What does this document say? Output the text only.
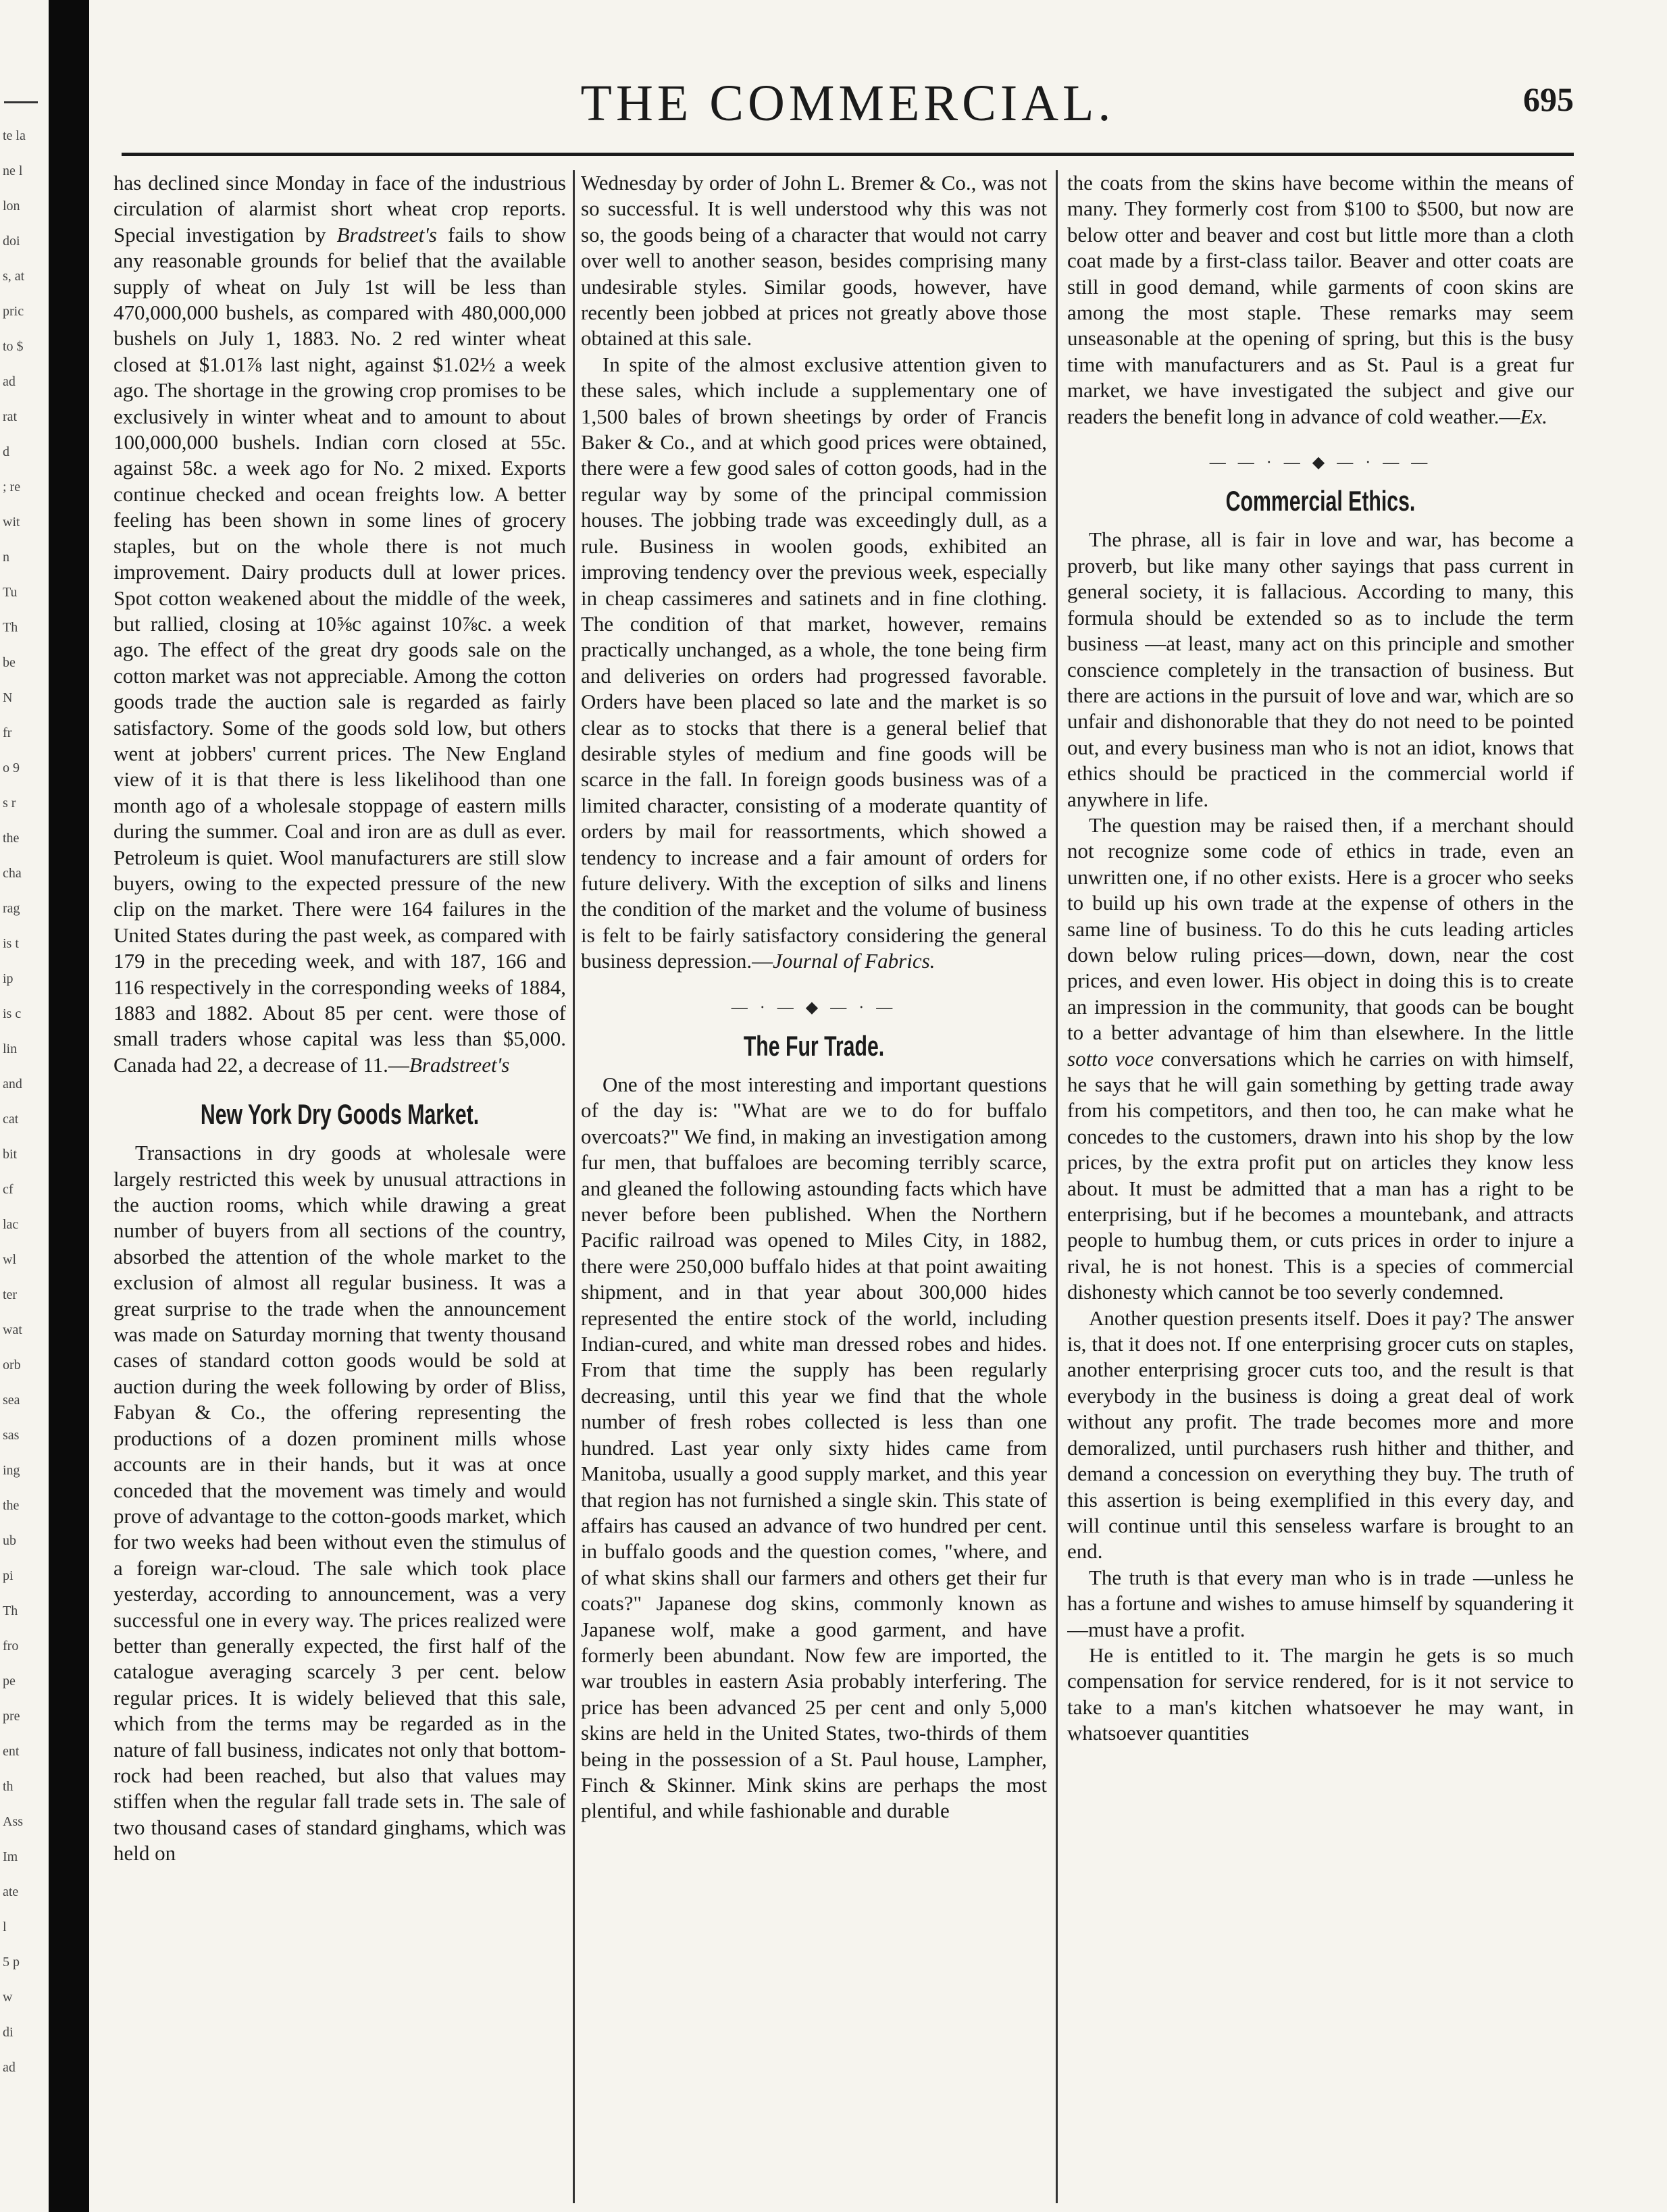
te la
ne l
lon
doi
s, at
pric
to $
ad
rat
d
; re
wit
n
Tu
Th
be
N
fr
o 9
s r
the
cha
rag
is t
ip
is c
lin
and
cat
bit
cf
lac
wl
ter
wat
orb
sea
sas
ing
the
ub
pi
Th
fro
pe
pre
ent
th
Ass
Im
ate
l
5 p
w
di
ad
THE COMMERCIAL.	695

has declined since Monday in face of the industrious circulation of alarmist short wheat crop reports. Special investigation by Bradstreet's fails to show any reasonable grounds for belief that the available supply of wheat on July 1st will be less than 470,000,000 bushels, as compared with 480,000,000 bushels on July 1, 1883. No. 2 red winter wheat closed at $1.01⅞ last night, against $1.02½ a week ago. The shortage in the growing crop promises to be exclusively in winter wheat and to amount to about 100,000,000 bushels. Indian corn closed at 55c. against 58c. a week ago for No. 2 mixed. Exports continue checked and ocean freights low. A better feeling has been shown in some lines of grocery staples, but on the whole there is not much improvement. Dairy products dull at lower prices. Spot cotton weakened about the middle of the week, but rallied, closing at 10⅝c against 10⅞c. a week ago. The effect of the great dry goods sale on the cotton market was not appreciable. Among the cotton goods trade the auction sale is regarded as fairly satisfactory. Some of the goods sold low, but others went at jobbers' current prices. The New England view of it is that there is less likelihood than one month ago of a wholesale stoppage of eastern mills during the summer. Coal and iron are as dull as ever. Petroleum is quiet. Wool manufacturers are still slow buyers, owing to the expected pressure of the new clip on the market. There were 164 failures in the United States during the past week, as compared with 179 in the preceding week, and with 187, 166 and 116 respectively in the corresponding weeks of 1884, 1883 and 1882. About 85 per cent. were those of small traders whose capital was less than $5,000. Canada had 22, a decrease of 11.—Bradstreet's

New York Dry Goods Market.

Transactions in dry goods at wholesale were largely restricted this week by unusual attractions in the auction rooms, which while drawing a great number of buyers from all sections of the country, absorbed the attention of the whole market to the exclusion of almost all regular business. It was a great surprise to the trade when the announcement was made on Saturday morning that twenty thousand cases of standard cotton goods would be sold at auction during the week following by order of Bliss, Fabyan & Co., the offering representing the productions of a dozen prominent mills whose accounts are in their hands, but it was at once conceded that the movement was timely and would prove of advantage to the cotton-goods market, which for two weeks had been without even the stimulus of a foreign war-cloud. The sale which took place yesterday, according to announcement, was a very successful one in every way. The prices realized were better than generally expected, the first half of the catalogue averaging scarcely 3 per cent. below regular prices. It is widely believed that this sale, which from the terms may be regarded as in the nature of fall business, indicates not only that bottom-rock had been reached, but also that values may stiffen when the regular fall trade sets in. The sale of two thousand cases of standard ginghams, which was held on

Wednesday by order of John L. Bremer & Co., was not so successful. It is well understood why this was not so, the goods being of a character that would not carry over well to another season, besides comprising many undesirable styles. Similar goods, however, have recently been jobbed at prices not greatly above those obtained at this sale.

In spite of the almost exclusive attention given to these sales, which include a supplementary one of 1,500 bales of brown sheetings by order of Francis Baker & Co., and at which good prices were obtained, there were a few good sales of cotton goods, had in the regular way by some of the principal commission houses. The jobbing trade was exceedingly dull, as a rule. Business in woolen goods, exhibited an improving tendency over the previous week, especially in cheap cassimeres and satinets and in fine clothing. The condition of that market, however, remains practically unchanged, as a whole, the tone being firm and deliveries on orders had progressed favorable. Orders have been placed so late and the market is so clear as to stocks that there is a general belief that desirable styles of medium and fine goods will be scarce in the fall. In foreign goods business was of a limited character, consisting of a moderate quantity of orders by mail for reassortments, which showed a tendency to increase and a fair amount of orders for future delivery. With the exception of silks and linens the condition of the market and the volume of business is felt to be fairly satisfactory considering the general business depression.—Journal of Fabrics.

— · — ◆ — · —
The Fur Trade.

One of the most interesting and important questions of the day is: "What are we to do for buffalo overcoats?" We find, in making an investigation among fur men, that buffaloes are becoming terribly scarce, and gleaned the following astounding facts which have never before been published. When the Northern Pacific railroad was opened to Miles City, in 1882, there were 250,000 buffalo hides at that point awaiting shipment, and in that year about 300,000 hides represented the entire stock of the world, including Indian-cured, and white man dressed robes and hides. From that time the supply has been regularly decreasing, until this year we find that the whole number of fresh robes collected is less than one hundred. Last year only sixty hides came from Manitoba, usually a good supply market, and this year that region has not furnished a single skin. This state of affairs has caused an advance of two hundred per cent. in buffalo goods and the question comes, "where, and of what skins shall our farmers and others get their fur coats?" Japanese dog skins, commonly known as Japanese wolf, make a good garment, and have formerly been abundant. Now few are imported, the war troubles in eastern Asia probably interfering. The price has been advanced 25 per cent and only 5,000 skins are held in the United States, two-thirds of them being in the possession of a St. Paul house, Lampher, Finch & Skinner. Mink skins are perhaps the most plentiful, and while fashionable and durable

the coats from the skins have become within the means of many. They formerly cost from $100 to $500, but now are below otter and beaver and cost but little more than a cloth coat made by a first-class tailor. Beaver and otter coats are still in good demand, while garments of coon skins are among the most staple. These remarks may seem unseasonable at the opening of spring, but this is the busy time with manufacturers and as St. Paul is a great fur market, we have investigated the subject and give our readers the benefit long in advance of cold weather.—Ex.

— — · — ◆ — · — —
Commercial Ethics.

The phrase, all is fair in love and war, has become a proverb, but like many other sayings that pass current in general society, it is fallacious. According to many, this formula should be extended so as to include the term business —at least, many act on this principle and smother conscience completely in the transaction of business. But there are actions in the pursuit of love and war, which are so unfair and dishonorable that they do not need to be pointed out, and every business man who is not an idiot, knows that ethics should be practiced in the commercial world if anywhere in life.

The question may be raised then, if a merchant should not recognize some code of ethics in trade, even an unwritten one, if no other exists. Here is a grocer who seeks to build up his own trade at the expense of others in the same line of business. To do this he cuts leading articles down below ruling prices—down, down, near the cost prices, and even lower. His object in doing this is to create an impression in the community, that goods can be bought to a better advantage of him than elsewhere. In the little sotto voce conversations which he carries on with himself, he says that he will gain something by getting trade away from his competitors, and then too, he can make what he concedes to the customers, drawn into his shop by the low prices, by the extra profit put on articles they know less about. It must be admitted that a man has a right to be enterprising, but if he becomes a mountebank, and attracts people to humbug them, or cuts prices in order to injure a rival, he is not honest. This is a species of commercial dishonesty which cannot be too severly condemned.

Another question presents itself. Does it pay? The answer is, that it does not. If one enterprising grocer cuts on staples, another enterprising grocer cuts too, and the result is that everybody in the business is doing a great deal of work without any profit. The trade becomes more and more demoralized, until purchasers rush hither and thither, and demand a concession on everything they buy. The truth of this assertion is being exemplified in this every day, and will continue until this senseless warfare is brought to an end.

The truth is that every man who is in trade —unless he has a fortune and wishes to amuse himself by squandering it—must have a profit.

He is entitled to it. The margin he gets is so much compensation for service rendered, for is it not service to take to a man's kitchen whatsoever he may want, in whatsoever quantities
